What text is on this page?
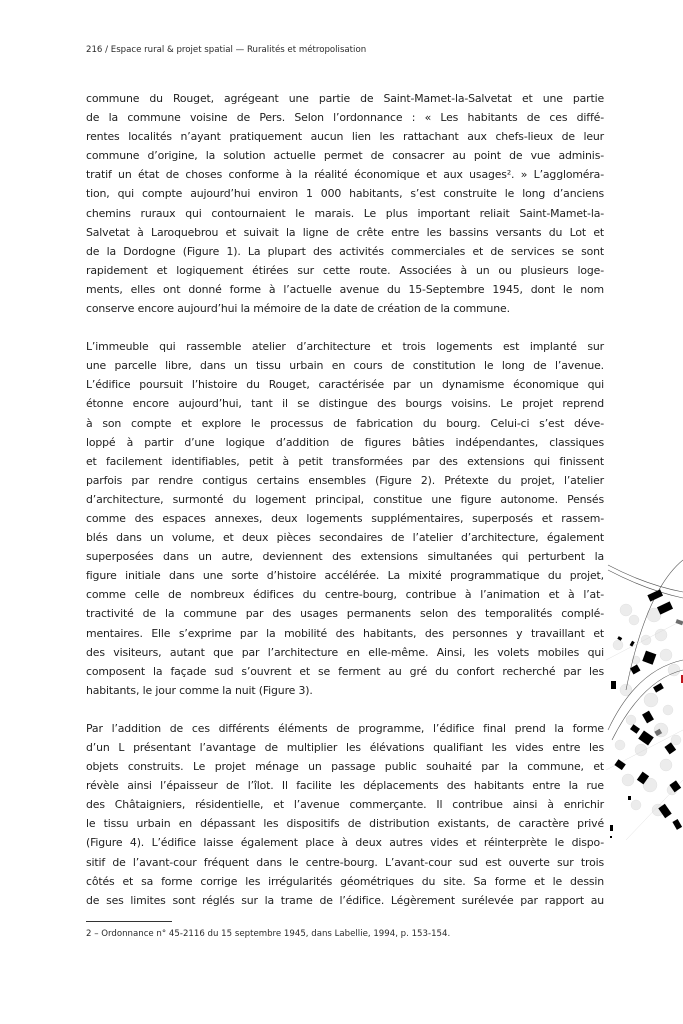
216 / Espace rural & projet spatial — Ruralités et métropolisation
commune du Rouget, agrégeant une partie de Saint-Mamet-la-Salvetat et une partie
de la commune voisine de Pers. Selon l’ordonnance : « Les habitants de ces diffé-
rentes localités n’ayant pratiquement aucun lien les rattachant aux chefs-lieux de leur
commune d’origine, la solution actuelle permet de consacrer au point de vue adminis-
tratif un état de choses conforme à la réalité économique et aux usages². » L’aggloméra-
tion, qui compte aujourd’hui environ 1 000 habitants, s’est construite le long d’anciens
chemins ruraux qui contournaient le marais. Le plus important reliait Saint-Mamet-la-
Salvetat à Laroquebrou et suivait la ligne de crête entre les bassins versants du Lot et
de la Dordogne (Figure 1). La plupart des activités commerciales et de services se sont
rapidement et logiquement étirées sur cette route. Associées à un ou plusieurs loge-
ments, elles ont donné forme à l’actuelle avenue du 15-Septembre 1945, dont le nom
conserve encore aujourd’hui la mémoire de la date de création de la commune.
L’immeuble qui rassemble atelier d’architecture et trois logements est implanté sur
une parcelle libre, dans un tissu urbain en cours de constitution le long de l’avenue.
L’édifice poursuit l’histoire du Rouget, caractérisée par un dynamisme économique qui
étonne encore aujourd’hui, tant il se distingue des bourgs voisins. Le projet reprend
à son compte et explore le processus de fabrication du bourg. Celui-ci s’est déve-
loppé à partir d’une logique d’addition de figures bâties indépendantes, classiques
et facilement identifiables, petit à petit transformées par des extensions qui finissent
parfois par rendre contigus certains ensembles (Figure 2). Prétexte du projet, l’atelier
d’architecture, surmonté du logement principal, constitue une figure autonome. Pensés
comme des espaces annexes, deux logements supplémentaires, superposés et rassem-
blés dans un volume, et deux pièces secondaires de l’atelier d’architecture, également
superposées dans un autre, deviennent des extensions simultanées qui perturbent la
figure initiale dans une sorte d’histoire accélérée. La mixité programmatique du projet,
comme celle de nombreux édifices du centre-bourg, contribue à l’animation et à l’at-
tractivité de la commune par des usages permanents selon des temporalités complé-
mentaires. Elle s’exprime par la mobilité des habitants, des personnes y travaillant et
des visiteurs, autant que par l’architecture en elle-même. Ainsi, les volets mobiles qui
composent la façade sud s’ouvrent et se ferment au gré du confort recherché par les
habitants, le jour comme la nuit (Figure 3).
Par l’addition de ces différents éléments de programme, l’édifice final prend la forme
d’un L présentant l’avantage de multiplier les élévations qualifiant les vides entre les
objets construits. Le projet ménage un passage public souhaité par la commune, et
révèle ainsi l’épaisseur de l’îlot. Il facilite les déplacements des habitants entre la rue
des Châtaigniers, résidentielle, et l’avenue commerçante. Il contribue ainsi à enrichir
le tissu urbain en dépassant les dispositifs de distribution existants, de caractère privé
(Figure 4). L’édifice laisse également place à deux autres vides et réinterprète le dispo-
sitif de l’avant-cour fréquent dans le centre-bourg. L’avant-cour sud est ouverte sur trois
côtés et sa forme corrige les irrégularités géométriques du site. Sa forme et le dessin
de ses limites sont réglés sur la trame de l’édifice. Légèrement surélevée par rapport au
2 – Ordonnance n° 45-2116 du 15 septembre 1945, dans Labellie, 1994, p. 153-154.
